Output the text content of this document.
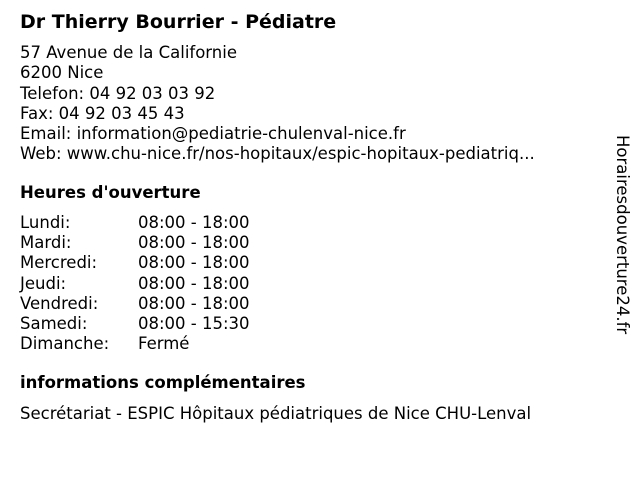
Dr Thierry Bourrier - Pédiatre
57 Avenue de la Californie
6200 Nice
Telefon: 04 92 03 03 92
Fax: 04 92 03 45 43
Email: information@pediatrie-chulenval-nice.fr
Web: www.chu-nice.fr/nos-hopitaux/espic-hopitaux-pediatriq...
Heures d'ouverture
Lundi:	08:00 - 18:00
Mardi:	08:00 - 18:00
Mercredi: 08:00 - 18:00
Jeudi:	08:00 - 18:00
Vendredi: 08:00 - 18:00
Samedi:	08:00 - 15:30
Dimanche: Fermé
informations complémentaires
Secrétariat - ESPIC Hôpitaux pédiatriques de Nice CHU-Lenval
Horairesdouverture24.fr
